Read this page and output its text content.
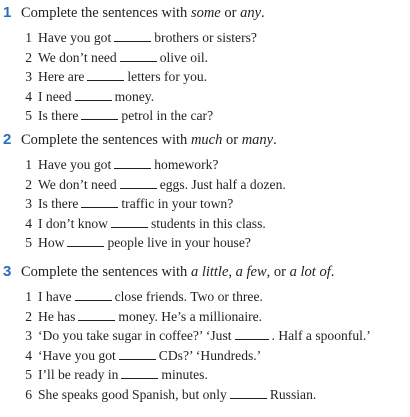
1 Complete the sentences with some or any.
1 Have you got	brothers or sisters?
2 We don’t need	olive oil.
3 Here are	letters for you.
4 I need	money.
5 Is there	petrol in the car?
2 Complete the sentences with much or many.
1 Have you got	homework?
2 We don’t need	eggs. Just half a dozen.
3 Is there	traffic in your town?
4 I don’t know	students in this class.
5 How	people live in your house?
3 Complete the sentences with a little, a few, or a lot of.
1 I have	close friends. Two or three.
2 He has	money. He’s a millionaire.
3 ‘Do you take sugar in coffee?’ ‘Just	. Half a spoonful.’
4 ‘Have you got	CDs?’ ‘Hundreds.’
5 I’ll be ready in	minutes.
6 She speaks good Spanish, but only	Russian.
